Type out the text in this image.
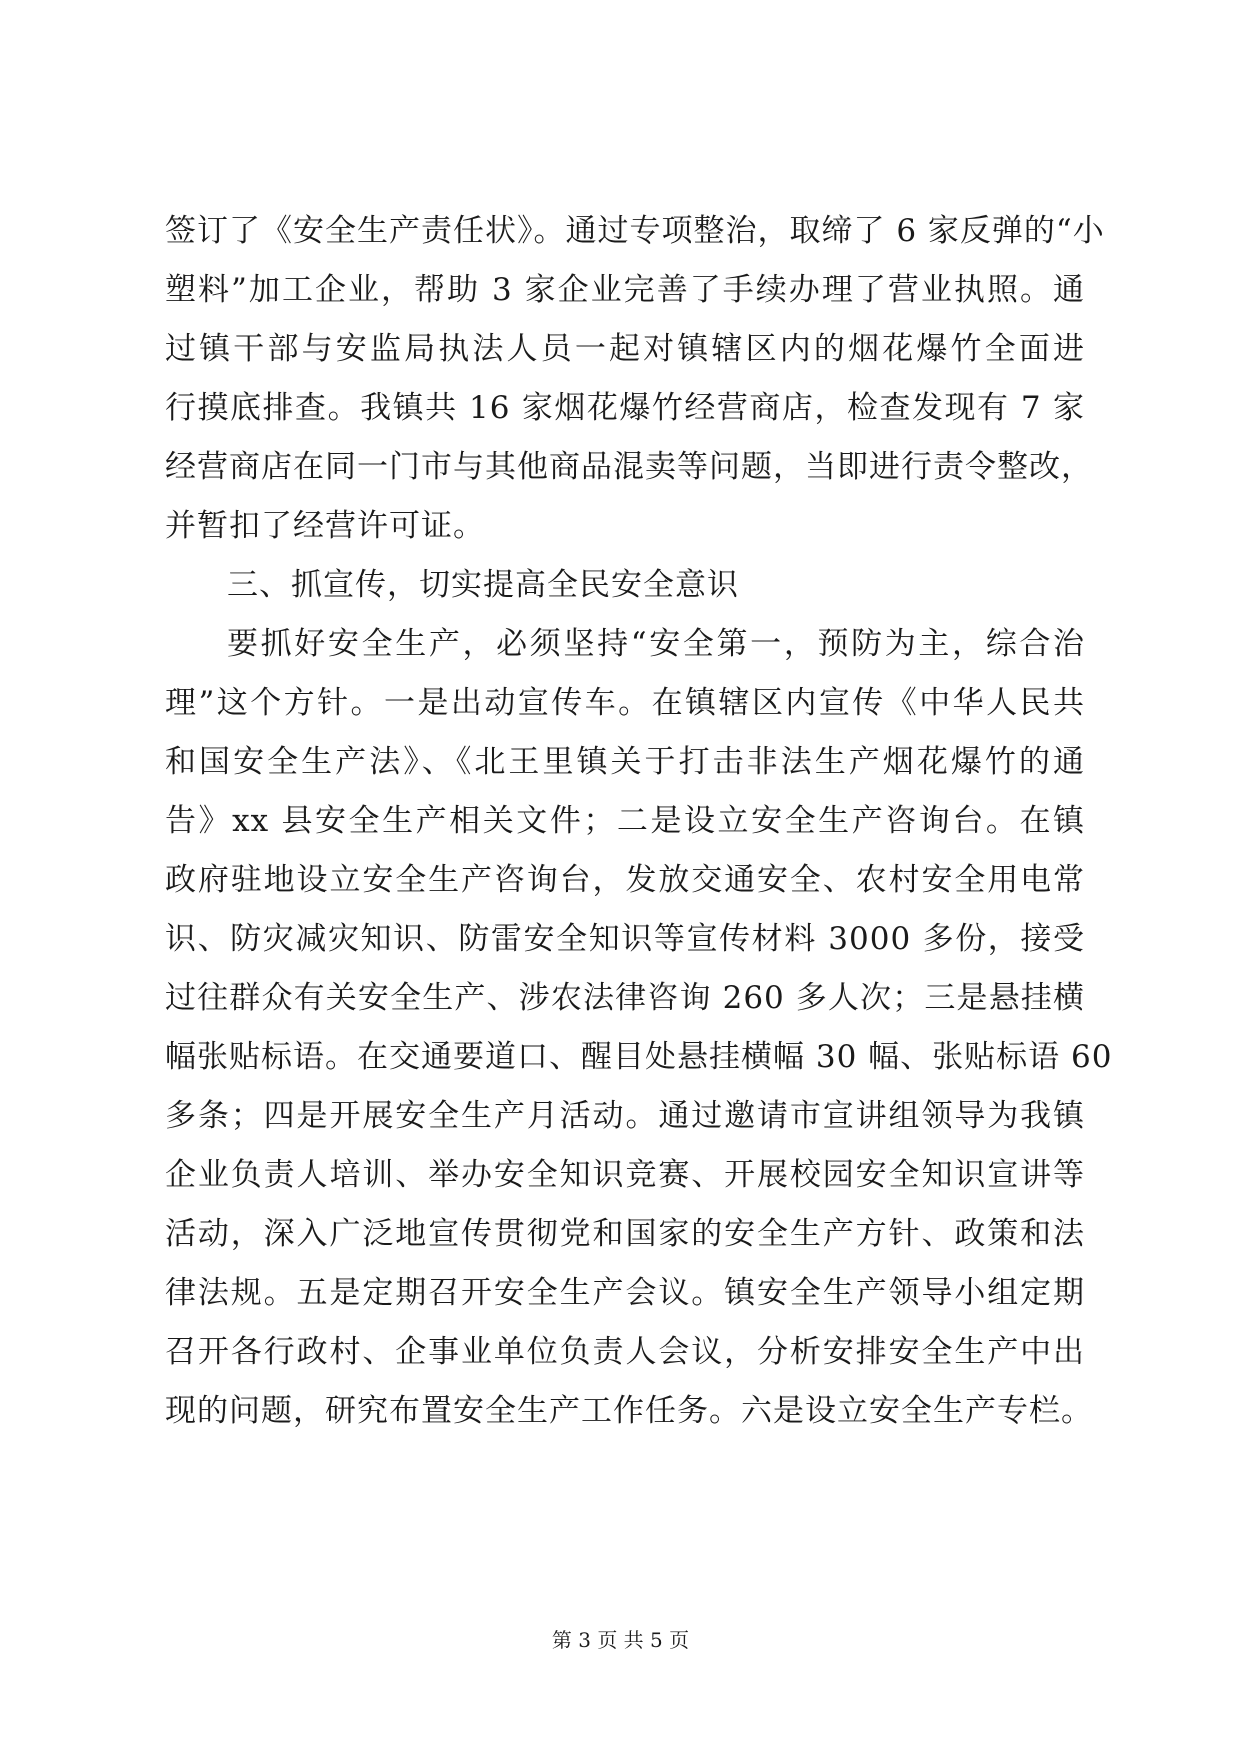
签订了《安全生产责任状》。通过专项整治，取缔了 6 家反弹的“小
塑料”加工企业，帮助 3 家企业完善了手续办理了营业执照。通
过镇干部与安监局执法人员一起对镇辖区内的烟花爆竹全面进
行摸底排查。我镇共 16 家烟花爆竹经营商店，检查发现有 7 家
经营商店在同一门市与其他商品混卖等问题，当即进行责令整改，
并暂扣了经营许可证。
三、抓宣传，切实提高全民安全意识
要抓好安全生产，必须坚持“安全第一，预防为主，综合治
理”这个方针。一是出动宣传车。在镇辖区内宣传《中华人民共
和国安全生产法》、《北王里镇关于打击非法生产烟花爆竹的通
告》xx 县安全生产相关文件；二是设立安全生产咨询台。在镇
政府驻地设立安全生产咨询台，发放交通安全、农村安全用电常
识、防灾减灾知识、防雷安全知识等宣传材料 3000 多份，接受
过往群众有关安全生产、涉农法律咨询 260 多人次；三是悬挂横
幅张贴标语。在交通要道口、醒目处悬挂横幅 30 幅、张贴标语 60
多条；四是开展安全生产月活动。通过邀请市宣讲组领导为我镇
企业负责人培训、举办安全知识竞赛、开展校园安全知识宣讲等
活动，深入广泛地宣传贯彻党和国家的安全生产方针、政策和法
律法规。五是定期召开安全生产会议。镇安全生产领导小组定期
召开各行政村、企事业单位负责人会议，分析安排安全生产中出
现的问题，研究布置安全生产工作任务。六是设立安全生产专栏。
第 3 页 共 5 页
